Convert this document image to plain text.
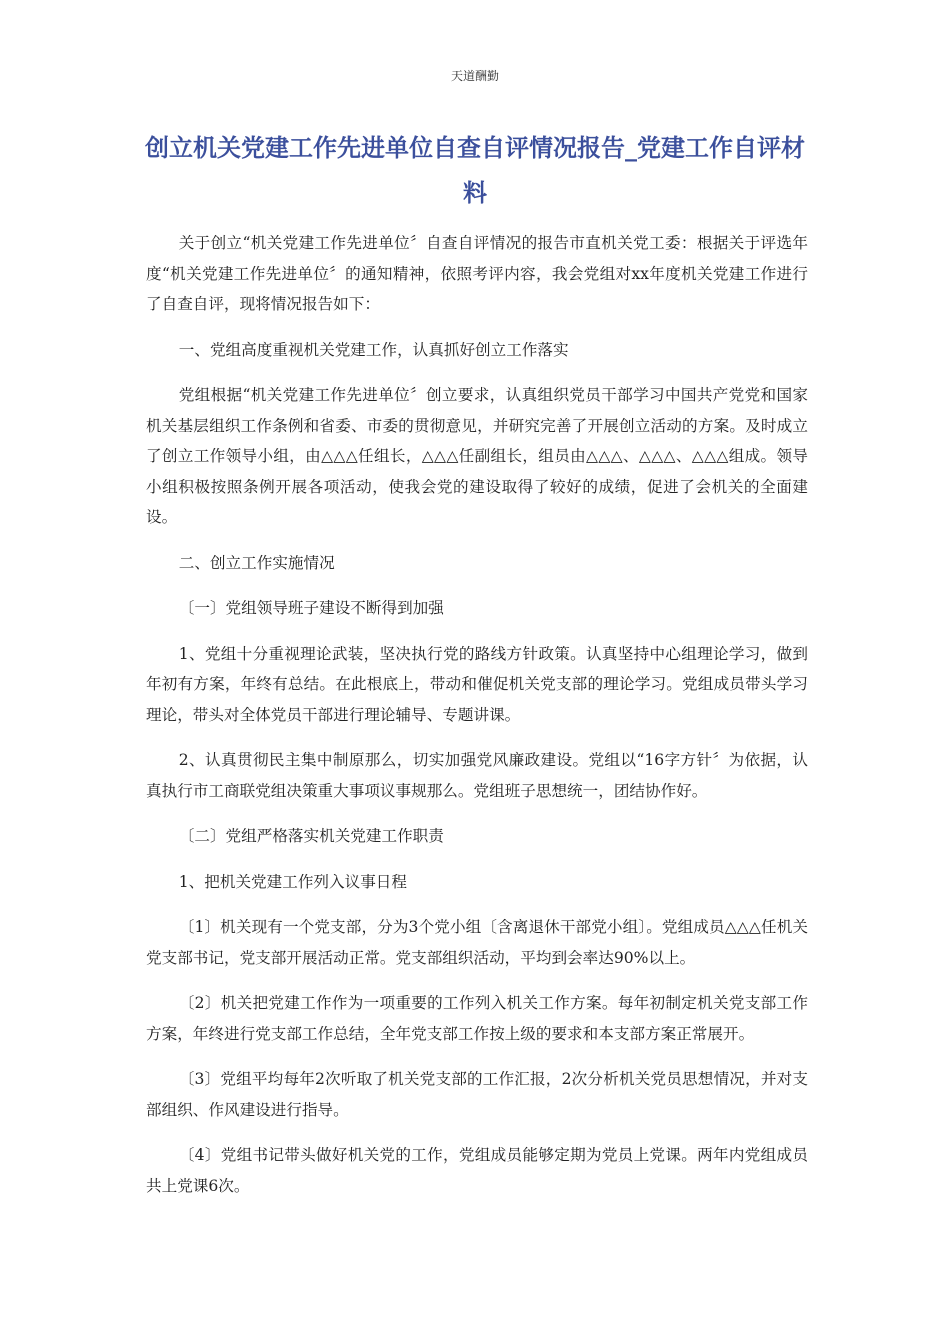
天道酬勤
创立机关党建工作先进单位自查自评情况报告_党建工作自评材料

关于创立“机关党建工作先进单位〞自查自评情况的报告市直机关党工委：根据关于评选年度“机关党建工作先进单位〞的通知精神，依照考评内容，我会党组对xx年度机关党建工作进行了自查自评，现将情况报告如下：

一、党组高度重视机关党建工作，认真抓好创立工作落实

党组根据“机关党建工作先进单位〞创立要求，认真组织党员干部学习中国共产党党和国家机关基层组织工作条例和省委、市委的贯彻意见，并研究完善了开展创立活动的方案。及时成立了创立工作领导小组，由△△△任组长，△△△任副组长，组员由△△△、△△△、△△△组成。领导小组积极按照条例开展各项活动，使我会党的建设取得了较好的成绩，促进了会机关的全面建设。

二、创立工作实施情况

〔一〕党组领导班子建设不断得到加强

1、党组十分重视理论武装，坚决执行党的路线方针政策。认真坚持中心组理论学习，做到年初有方案，年终有总结。在此根底上，带动和催促机关党支部的理论学习。党组成员带头学习理论，带头对全体党员干部进行理论辅导、专题讲课。

2、认真贯彻民主集中制原那么，切实加强党风廉政建设。党组以“16字方针〞为依据，认真执行市工商联党组决策重大事项议事规那么。党组班子思想统一，团结协作好。

〔二〕党组严格落实机关党建工作职责

1、把机关党建工作列入议事日程

〔1〕机关现有一个党支部，分为3个党小组〔含离退休干部党小组〕。党组成员△△△任机关党支部书记，党支部开展活动正常。党支部组织活动，平均到会率达90%以上。

〔2〕机关把党建工作作为一项重要的工作列入机关工作方案。每年初制定机关党支部工作方案，年终进行党支部工作总结，全年党支部工作按上级的要求和本支部方案正常展开。

〔3〕党组平均每年2次听取了机关党支部的工作汇报，2次分析机关党员思想情况，并对支部组织、作风建设进行指导。

〔4〕党组书记带头做好机关党的工作，党组成员能够定期为党员上党课。两年内党组成员共上党课6次。
